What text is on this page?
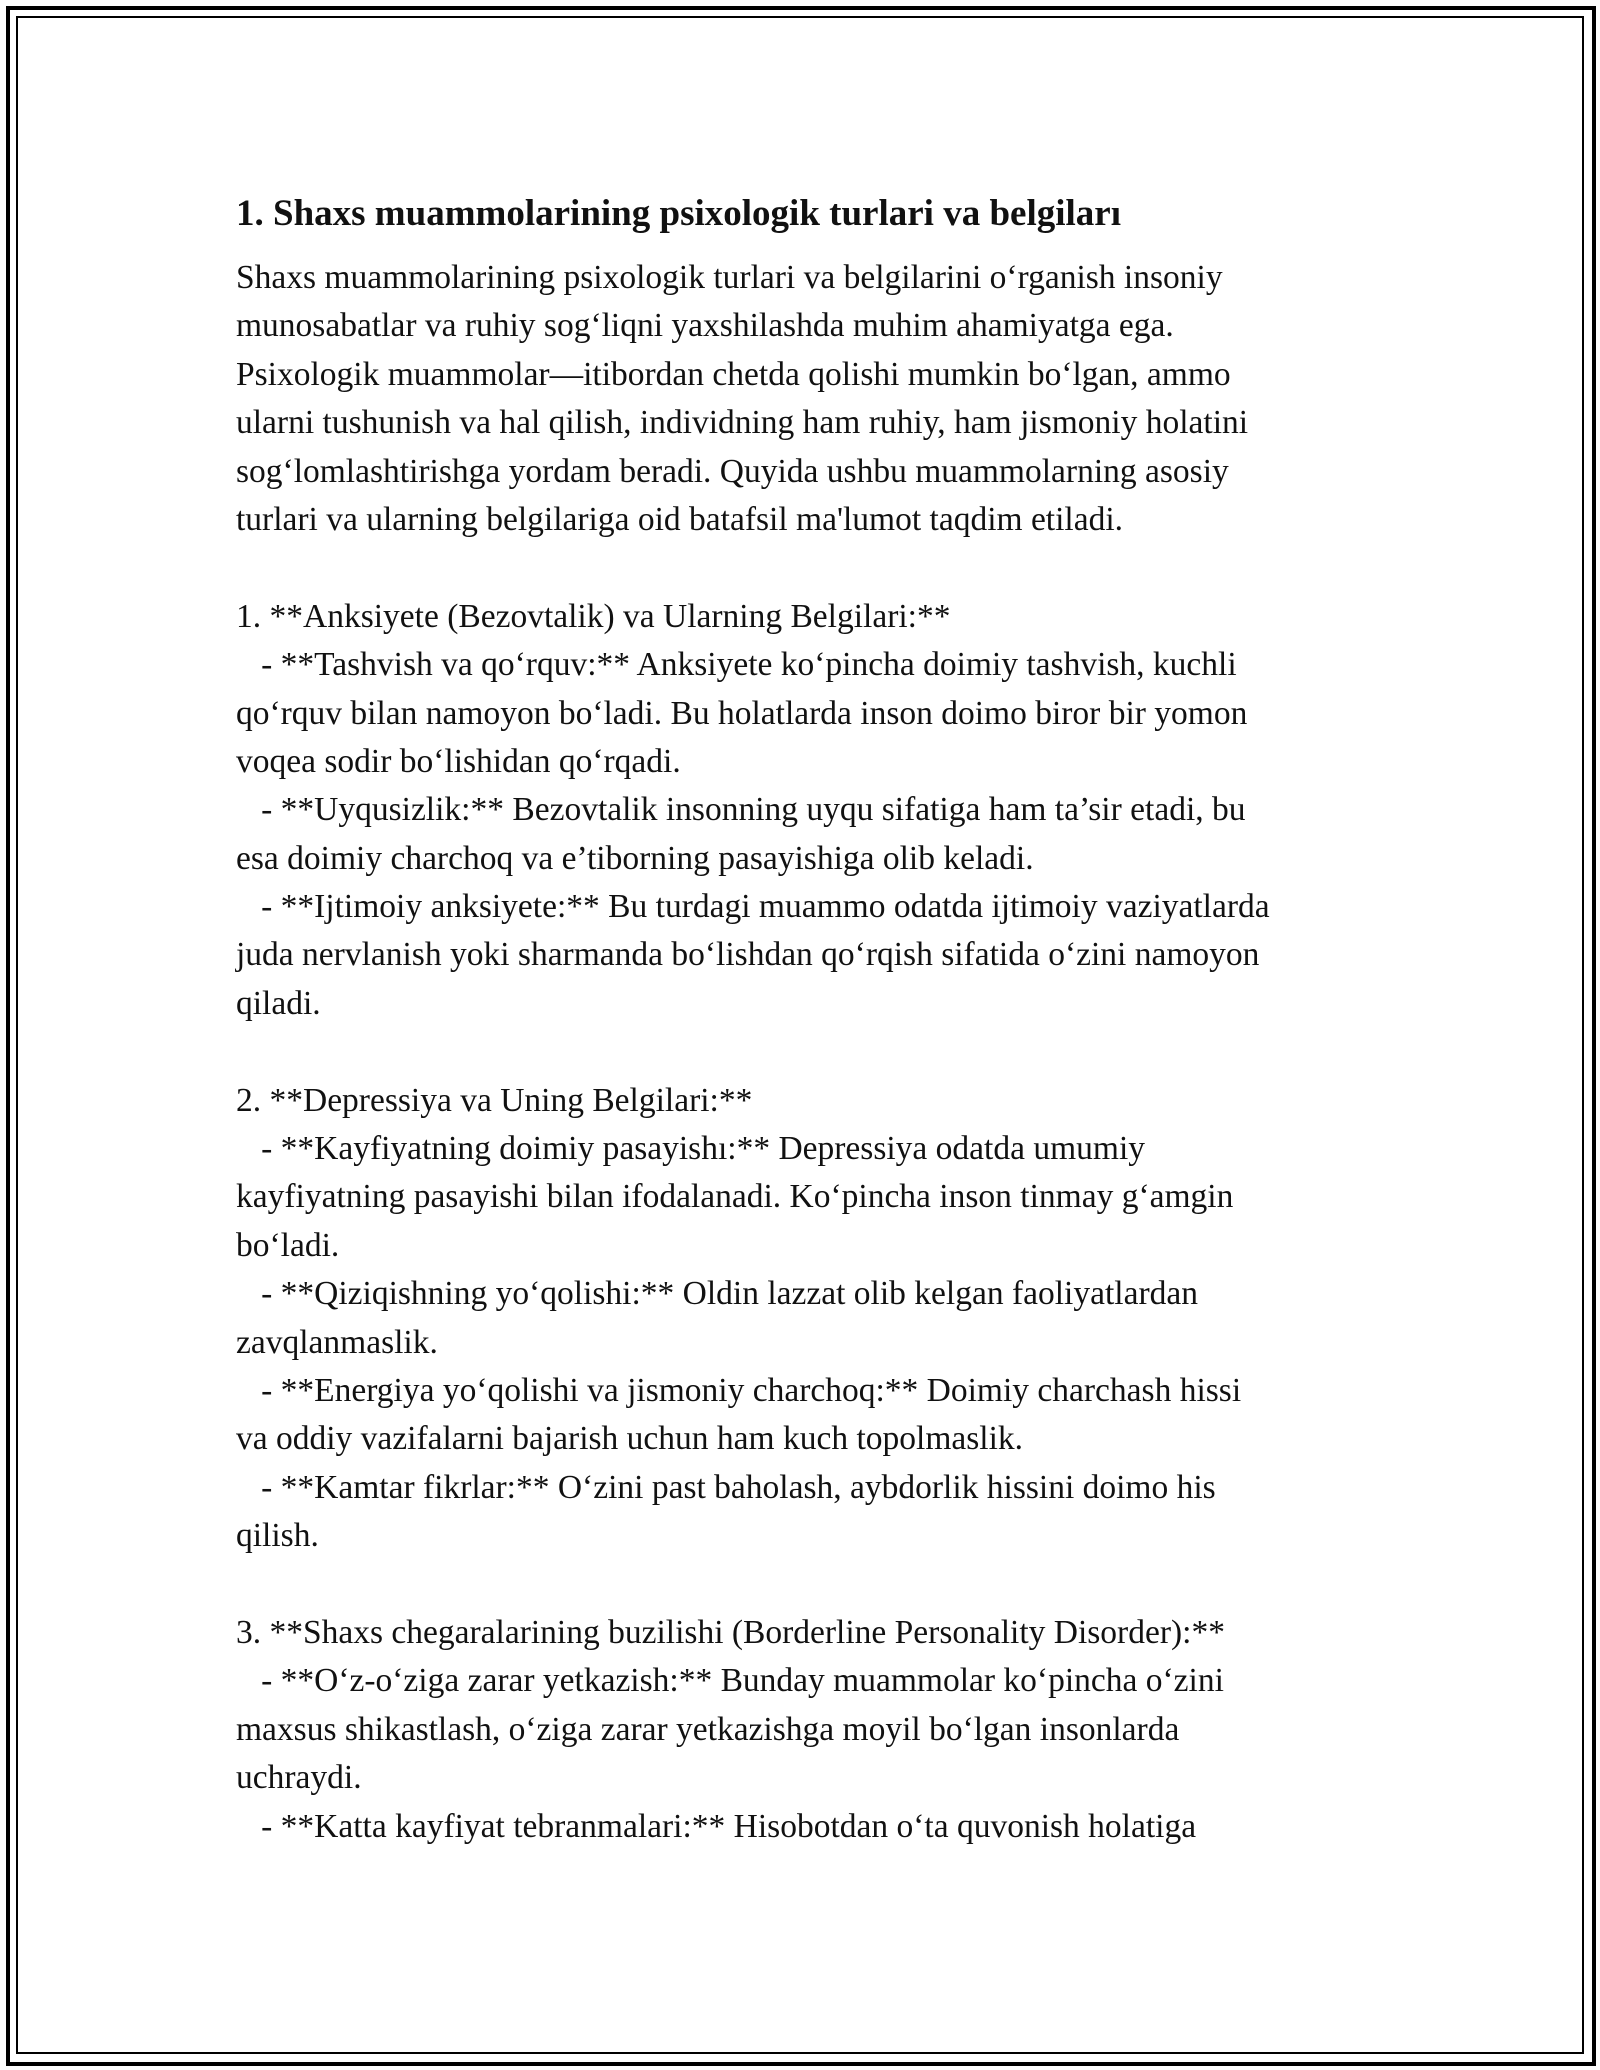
1. Shaxs muammolarining psixologik turlari va belgiları
Shaxs muammolarining psixologik turlari va belgilarini oʻrganish insoniy
munosabatlar va ruhiy sogʻliqni yaxshilashda muhim ahamiyatga ega.
Psixologik muammolar—itibordan chetda qolishi mumkin boʻlgan, ammo
ularni tushunish va hal qilish, individning ham ruhiy, ham jismoniy holatini
sogʻlomlashtirishga yordam beradi. Quyida ushbu muammolarning asosiy
turlari va ularning belgilariga oid batafsil ma'lumot taqdim etiladi.
1. **Anksiyete (Bezovtalik) va Ularning Belgilari:**
- **Tashvish va qoʻrquv:** Anksiyete koʻpincha doimiy tashvish, kuchli
qoʻrquv bilan namoyon boʻladi. Bu holatlarda inson doimo biror bir yomon
voqea sodir boʻlishidan qoʻrqadi.
- **Uyqusizlik:** Bezovtalik insonning uyqu sifatiga ham ta’sir etadi, bu
esa doimiy charchoq va e’tiborning pasayishiga olib keladi.
- **Ijtimoiy anksiyete:** Bu turdagi muammo odatda ijtimoiy vaziyatlarda
juda nervlanish yoki sharmanda boʻlishdan qoʻrqish sifatida oʻzini namoyon
qiladi.
2. **Depressiya va Uning Belgilari:**
- **Kayfiyatning doimiy pasayishı:** Depressiya odatda umumiy
kayfiyatning pasayishi bilan ifodalanadi. Koʻpincha inson tinmay gʻamgin
boʻladi.
- **Qiziqishning yoʻqolishi:** Oldin lazzat olib kelgan faoliyatlardan
zavqlanmaslik.
- **Energiya yoʻqolishi va jismoniy charchoq:** Doimiy charchash hissi
va oddiy vazifalarni bajarish uchun ham kuch topolmaslik.
- **Kamtar fikrlar:** Oʻzini past baholash, aybdorlik hissini doimo his
qilish.
3. **Shaxs chegaralarining buzilishi (Borderline Personality Disorder):**
- **Oʻz-oʻziga zarar yetkazish:** Bunday muammolar koʻpincha oʻzini
maxsus shikastlash, oʻziga zarar yetkazishga moyil boʻlgan insonlarda
uchraydi.
- **Katta kayfiyat tebranmalari:** Hisobotdan oʻta quvonish holatiga
